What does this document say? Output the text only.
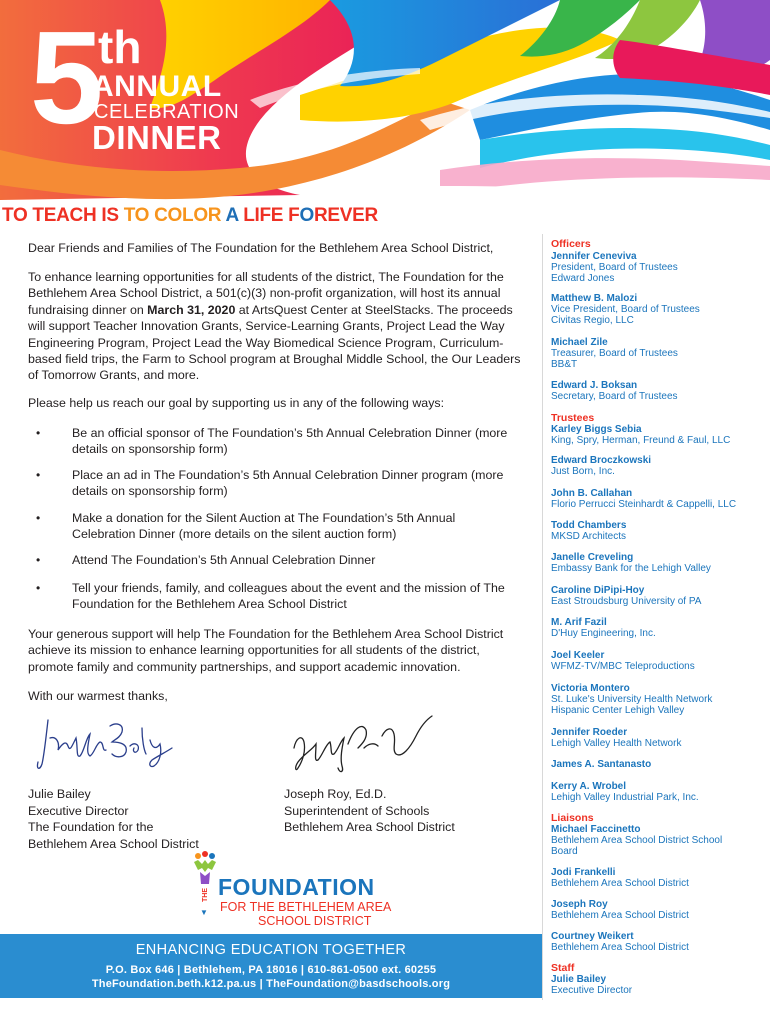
5
th
ANNUAL
CELEBRATION
DINNER
TO TEACH IS TO COLOR A LIFE FOREVER

Dear Friends and Families of The Foundation for the Bethlehem Area School District,

To enhance learning opportunities for all students of the district, The Foundation for the Bethlehem Area School District, a 501(c)(3) non-profit organization, will host its annual fundraising dinner on March 31, 2020 at ArtsQuest Center at SteelStacks. The proceeds will support Teacher Innovation Grants, Service-Learning Grants, Project Lead the Way Engineering Program, Project Lead the Way Biomedical Science Program, Curriculum-based field trips, the Farm to School program at Broughal Middle School, the Our Leaders of Tomorrow Grants, and more.

Please help us reach our goal by supporting us in any of the following ways:

•	Be an official sponsor of The Foundation’s 5th Annual Celebration Dinner (more details on sponsorship form)
•	Place an ad in The Foundation’s 5th Annual Celebration Dinner program (more details on sponsorship form)
•	Make a donation for the Silent Auction at The Foundation’s 5th Annual Celebration Dinner (more details on the silent auction form)
•	Attend The Foundation’s 5th Annual Celebration Dinner
•	Tell your friends, family, and colleagues about the event and the mission of The Foundation for the Bethlehem Area School District

Your generous support will help The Foundation for the Bethlehem Area School District achieve its mission to enhance learning opportunities for all students of the district, promote family and community partnerships, and support academic innovation.

With our warmest thanks,

Julie Bailey
Executive Director
The Foundation for the
Bethlehem Area School District
Joseph Roy, Ed.D.
Superintendent of Schools
Bethlehem Area School District
THE FOUNDATION
▼ FOR THE BETHLEHEM AREA
SCHOOL DISTRICT
ENHANCING EDUCATION TOGETHER
P.O. Box 646 | Bethlehem, PA 18016 | 610-861-0500 ext. 60255
TheFoundation.beth.k12.pa.us | TheFoundation@basdschools.org
Officers
Jennifer Ceneviva
President, Board of Trustees
Edward Jones
Matthew B. Malozi
Vice President, Board of Trustees
Civitas Regio, LLC
Michael Zile
Treasurer, Board of Trustees
BB&T
Edward J. Boksan
Secretary, Board of Trustees
Trustees
Karley Biggs Sebia
King, Spry, Herman, Freund & Faul, LLC
Edward Broczkowski
Just Born, Inc.
John B. Callahan
Florio Perrucci Steinhardt & Cappelli, LLC
Todd Chambers
MKSD Architects
Janelle Creveling
Embassy Bank for the Lehigh Valley
Caroline DiPipi-Hoy
East Stroudsburg University of PA
M. Arif Fazil
D'Huy Engineering, Inc.
Joel Keeler
WFMZ-TV/MBC Teleproductions
Victoria Montero
St. Luke's University Health Network
Hispanic Center Lehigh Valley
Jennifer Roeder
Lehigh Valley Health Network
James A. Santanasto
Kerry A. Wrobel
Lehigh Valley Industrial Park, Inc.
Liaisons
Michael Faccinetto
Bethlehem Area School District School
Board
Jodi Frankelli
Bethlehem Area School District
Joseph Roy
Bethlehem Area School District
Courtney Weikert
Bethlehem Area School District
Staff
Julie Bailey
Executive Director
